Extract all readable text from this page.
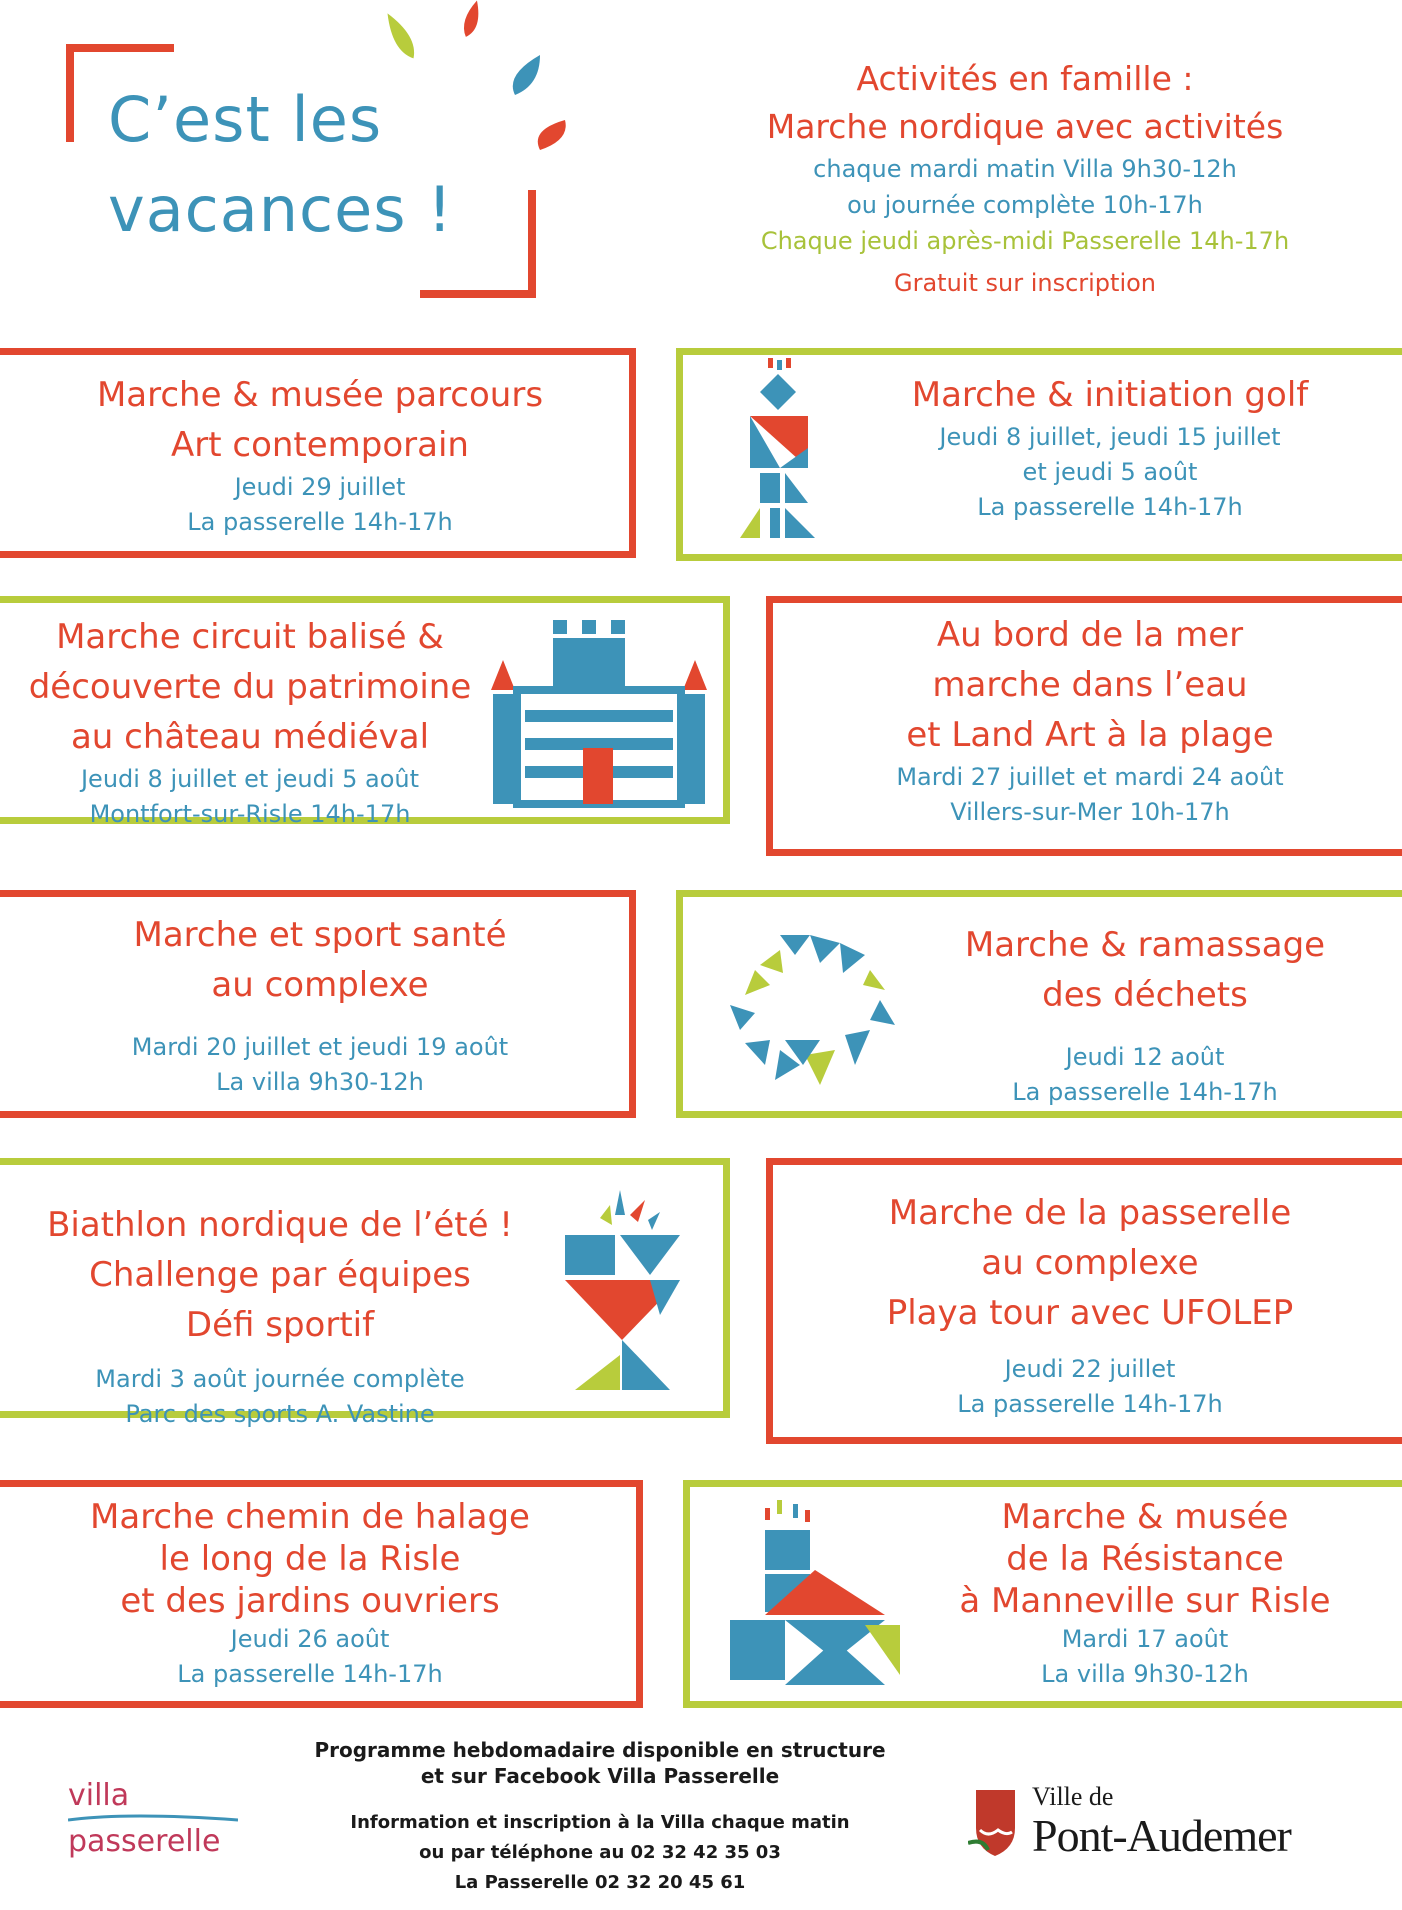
C’est les
vacances !
Activités en famille :
Marche nordique avec activités
chaque mardi matin Villa 9h30-12h
ou journée complète 10h-17h
Chaque jeudi après-midi Passerelle 14h-17h
Gratuit sur inscription
Marche & musée parcours
Art contemporain
Jeudi 29 juillet
La passerelle 14h-17h
Marche & initiation golf
Jeudi 8 juillet, jeudi 15 juillet
et jeudi 5 août
La passerelle 14h-17h
Marche circuit balisé &
découverte du patrimoine
au château médiéval
Jeudi 8 juillet et jeudi 5 août
Montfort-sur-Risle 14h-17h
Au bord de la mer
marche dans l’eau
et Land Art à la plage
Mardi 27 juillet et mardi 24 août
Villers-sur-Mer 10h-17h
Marche et sport santé
au complexe
Mardi 20 juillet et jeudi 19 août
La villa 9h30-12h
Marche & ramassage
des déchets
Jeudi 12 août
La passerelle 14h-17h
Biathlon nordique de l’été !
Challenge par équipes
Défi sportif
Mardi 3 août journée complète
Parc des sports A. Vastine
Marche de la passerelle
au complexe
Playa tour avec UFOLEP
Jeudi 22 juillet
La passerelle 14h-17h
Marche chemin de halage
le long de la Risle
et des jardins ouvriers
Jeudi 26 août
La passerelle 14h-17h
Marche & musée
de la Résistance
à Manneville sur Risle
Mardi 17 août
La villa 9h30-12h
Programme hebdomadaire disponible en structure
et sur Facebook Villa Passerelle
Information et inscription à la Villa chaque matin
ou par téléphone au 02 32 42 35 03
La Passerelle 02 32 20 45 61
villa
passerelle
Ville de
Pont-Audemer
